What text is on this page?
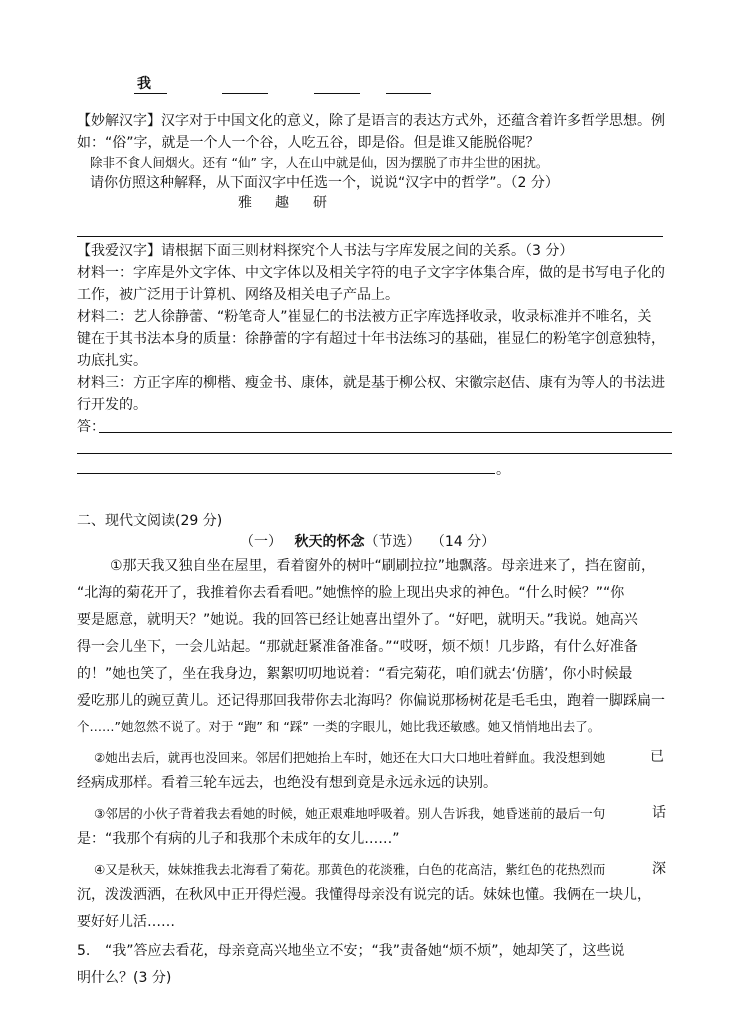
我
【妙解汉字】汉字对于中国文化的意义，除了是语言的表达方式外，还蕴含着许多哲学思想。例
如：“俗”字，就是一个人一个谷，人吃五谷，即是俗。但是谁又能脱俗呢？
除非不食人间烟火。还有 “仙” 字，人在山中就是仙，因为摆脱了市井尘世的困扰。
请你仿照这种解释，从下面汉字中任选一个，说说“汉字中的哲学”。（2 分）
雅 趣 研
【我爱汉字】请根据下面三则材料探究个人书法与字库发展之间的关系。（3 分）
材料一：字库是外文字体、中文字体以及相关字符的电子文字字体集合库，做的是书写电子化的
工作，被广泛用于计算机、网络及相关电子产品上。
材料二：艺人徐静蕾、“粉笔奇人”崔显仁的书法被方正字库选择收录，收录标准并不唯名，关
键在于其书法本身的质量：徐静蕾的字有超过十年书法练习的基础，崔显仁的粉笔字创意独特，
功底扎实。
材料三：方正字库的柳楷、瘦金书、康体，就是基于柳公权、宋徽宗赵佶、康有为等人的书法进
行开发的。
答：
。
二、现代文阅读(29 分)
（一） 秋天的怀念（节选） （14 分）
①那天我又独自坐在屋里，看着窗外的树叶“刷刷拉拉”地飘落。母亲进来了，挡在窗前，
“北海的菊花开了，我推着你去看看吧。”她憔悴的脸上现出央求的神色。“什么时候？”“你
要是愿意，就明天？”她说。我的回答已经让她喜出望外了。“好吧，就明天。”我说。她高兴
得一会儿坐下，一会儿站起。“那就赶紧准备准备。”“哎呀，烦不烦！几步路，有什么好准备
的！”她也笑了，坐在我身边，絮絮叨叨地说着：“看完菊花，咱们就去‘仿膳’，你小时候最
爱吃那儿的豌豆黄儿。还记得那回我带你去北海吗？你偏说那杨树花是毛毛虫，跑着一脚踩扁一
个……”她忽然不说了。对于 “跑” 和 “踩” 一类的字眼儿，她比我还敏感。她又悄悄地出去了。
②她出去后，就再也没回来。邻居们把她抬上车时，她还在大口大口地吐着鲜血。我没想到她	已
经病成那样。看着三轮车远去，也绝没有想到竟是永远永远的诀别。
③邻居的小伙子背着我去看她的时候，她正艰难地呼吸着。别人告诉我，她昏迷前的最后一句	话
是：“我那个有病的儿子和我那个未成年的女儿……”
④又是秋天，妹妹推我去北海看了菊花。那黄色的花淡雅，白色的花高洁，紫红色的花热烈而	深
沉，泼泼洒洒，在秋风中正开得烂漫。我懂得母亲没有说完的话。妹妹也懂。我俩在一块儿，
要好好儿活……
5. “我”答应去看花，母亲竟高兴地坐立不安；“我”责备她“烦不烦”，她却笑了，这些说
明什么？(3 分)
